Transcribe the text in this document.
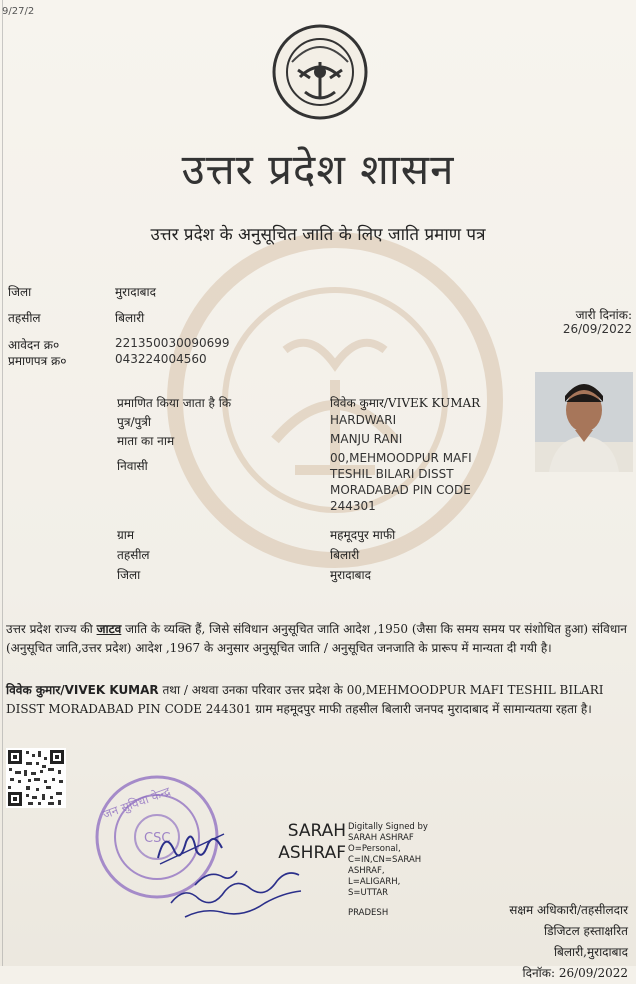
9/27/2
उत्तर प्रदेश शासन
उत्तर प्रदेश के अनुसूचित जाति के लिए जाति प्रमाण पत्र
जिला	मुरादाबाद
तहसील	बिलारी
आवेदन क्र०	221350030090699
प्रमाणपत्र क्र०	043224004560
जारी दिनांक:
26/09/2022
प्रमाणित किया जाता है कि	विवेक कुमार/VIVEK KUMAR
पुत्र/पुत्री	HARDWARI
माता का नाम	MANJU RANI
निवासी
00,MEHMOODPUR MAFI
TESHIL BILARI DISST
MORADABAD PIN CODE
244301
ग्राम	महमूदपुर माफी
तहसील	बिलारी
जिला	मुरादाबाद
उत्तर प्रदेश राज्य की जाटव जाति के व्यक्ति हैं, जिसे संविधान अनुसूचित जाति आदेश ,1950 (जैसा कि समय समय पर संशोधित हुआ) संविधान (अनुसूचित जाति,उत्तर प्रदेश) आदेश ,1967 के अनुसार अनुसूचित जाति / अनुसूचित जनजाति के प्रारूप में मान्यता दी गयी है।
विवेक कुमार/VIVEK KUMAR तथा / अथवा उनका परिवार उत्तर प्रदेश के 00,MEHMOODPUR MAFI TESHIL BILARI DISST MORADABAD PIN CODE 244301 ग्राम महमूदपुर माफी तहसील बिलारी जनपद मुरादाबाद में सामान्यतया रहता है।
CSC
जन सुविधा केन्द्र
SARAH
ASHRAF
Digitally Signed by
SARAH ASHRAF
O=Personal,
C=IN,CN=SARAH
ASHRAF,
L=ALIGARH,
S=UTTAR
PRADESH	सक्षम अधिकारी/तहसीलदार
डिजिटल हस्ताक्षरित
बिलारी,मुरादाबाद
दिनॉक: 26/09/2022
